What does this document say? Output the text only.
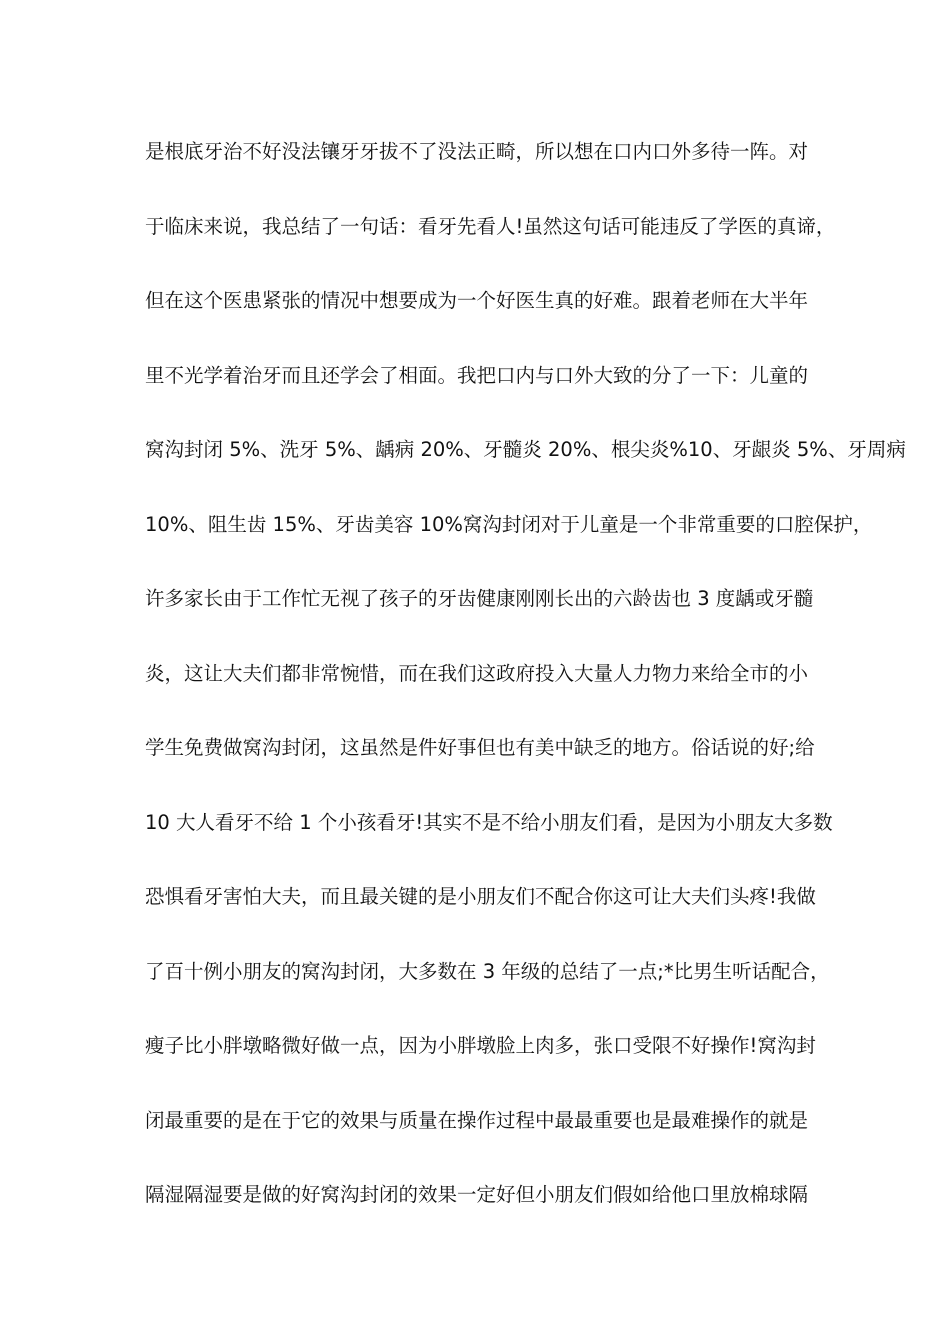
是根底牙治不好没法镶牙牙拔不了没法正畸，所以想在口内口外多待一阵。对
于临床来说，我总结了一句话：看牙先看人!虽然这句话可能违反了学医的真谛，
但在这个医患紧张的情况中想要成为一个好医生真的好难。跟着老师在大半年
里不光学着治牙而且还学会了相面。我把口内与口外大致的分了一下：儿童的
窝沟封闭 5%、洗牙 5%、龋病 20%、牙髓炎 20%、根尖炎%10、牙龈炎 5%、牙周病
10%、阻生齿 15%、牙齿美容 10%窝沟封闭对于儿童是一个非常重要的口腔保护，
许多家长由于工作忙无视了孩子的牙齿健康刚刚长出的六龄齿也 3 度龋或牙髓
炎，这让大夫们都非常惋惜，而在我们这政府投入大量人力物力来给全市的小
学生免费做窝沟封闭，这虽然是件好事但也有美中缺乏的地方。俗话说的好;给
10 大人看牙不给 1 个小孩看牙!其实不是不给小朋友们看，是因为小朋友大多数
恐惧看牙害怕大夫，而且最关键的是小朋友们不配合你这可让大夫们头疼!我做
了百十例小朋友的窝沟封闭，大多数在 3 年级的总结了一点;*比男生听话配合，
瘦子比小胖墩略微好做一点，因为小胖墩脸上肉多，张口受限不好操作!窝沟封
闭最重要的是在于它的效果与质量在操作过程中最最重要也是最难操作的就是
隔湿隔湿要是做的好窝沟封闭的效果一定好但小朋友们假如给他口里放棉球隔
